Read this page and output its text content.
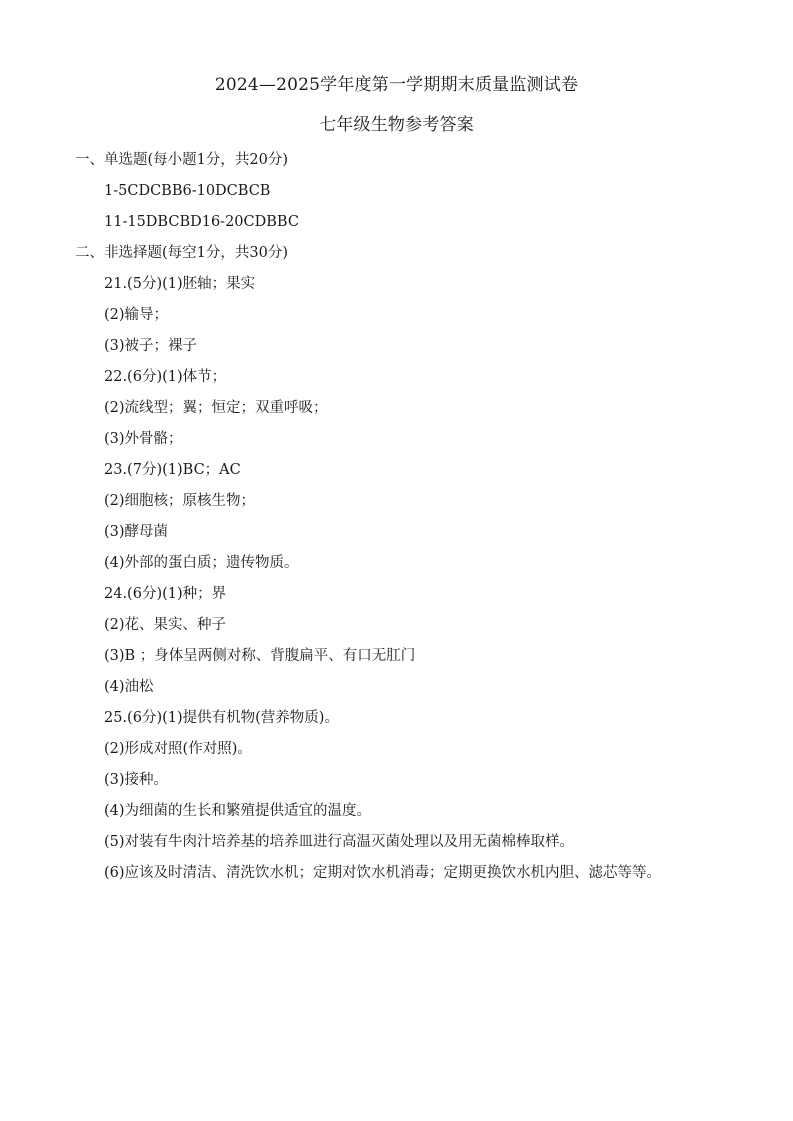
2024—2025学年度第一学期期末质量监测试卷
七年级生物参考答案
一、单选题(每小题1分，共20分)
1-5CDCBB6-10DCBCB
11-15DBCBD16-20CDBBC
二、非选择题(每空1分，共30分)
21.(5分)(1)胚轴；果实
(2)输导；
(3)被子；裸子
22.(6分)(1)体节；
(2)流线型；翼；恒定；双重呼吸；
(3)外骨骼；
23.(7分)(1)BC；AC
(2)细胞核；原核生物；
(3)酵母菌
(4)外部的蛋白质；遗传物质。
24.(6分)(1)种；界
(2)花、果实、种子
(3)B ；身体呈两侧对称、背腹扁平、有口无肛门
(4)油松
25.(6分)(1)提供有机物(营养物质)。
(2)形成对照(作对照)。
(3)接种。
(4)为细菌的生长和繁殖提供适宜的温度。
(5)对装有牛肉汁培养基的培养皿进行高温灭菌处理以及用无菌棉棒取样。
(6)应该及时清洁、清洗饮水机；定期对饮水机消毒；定期更换饮水机内胆、滤芯等等。
